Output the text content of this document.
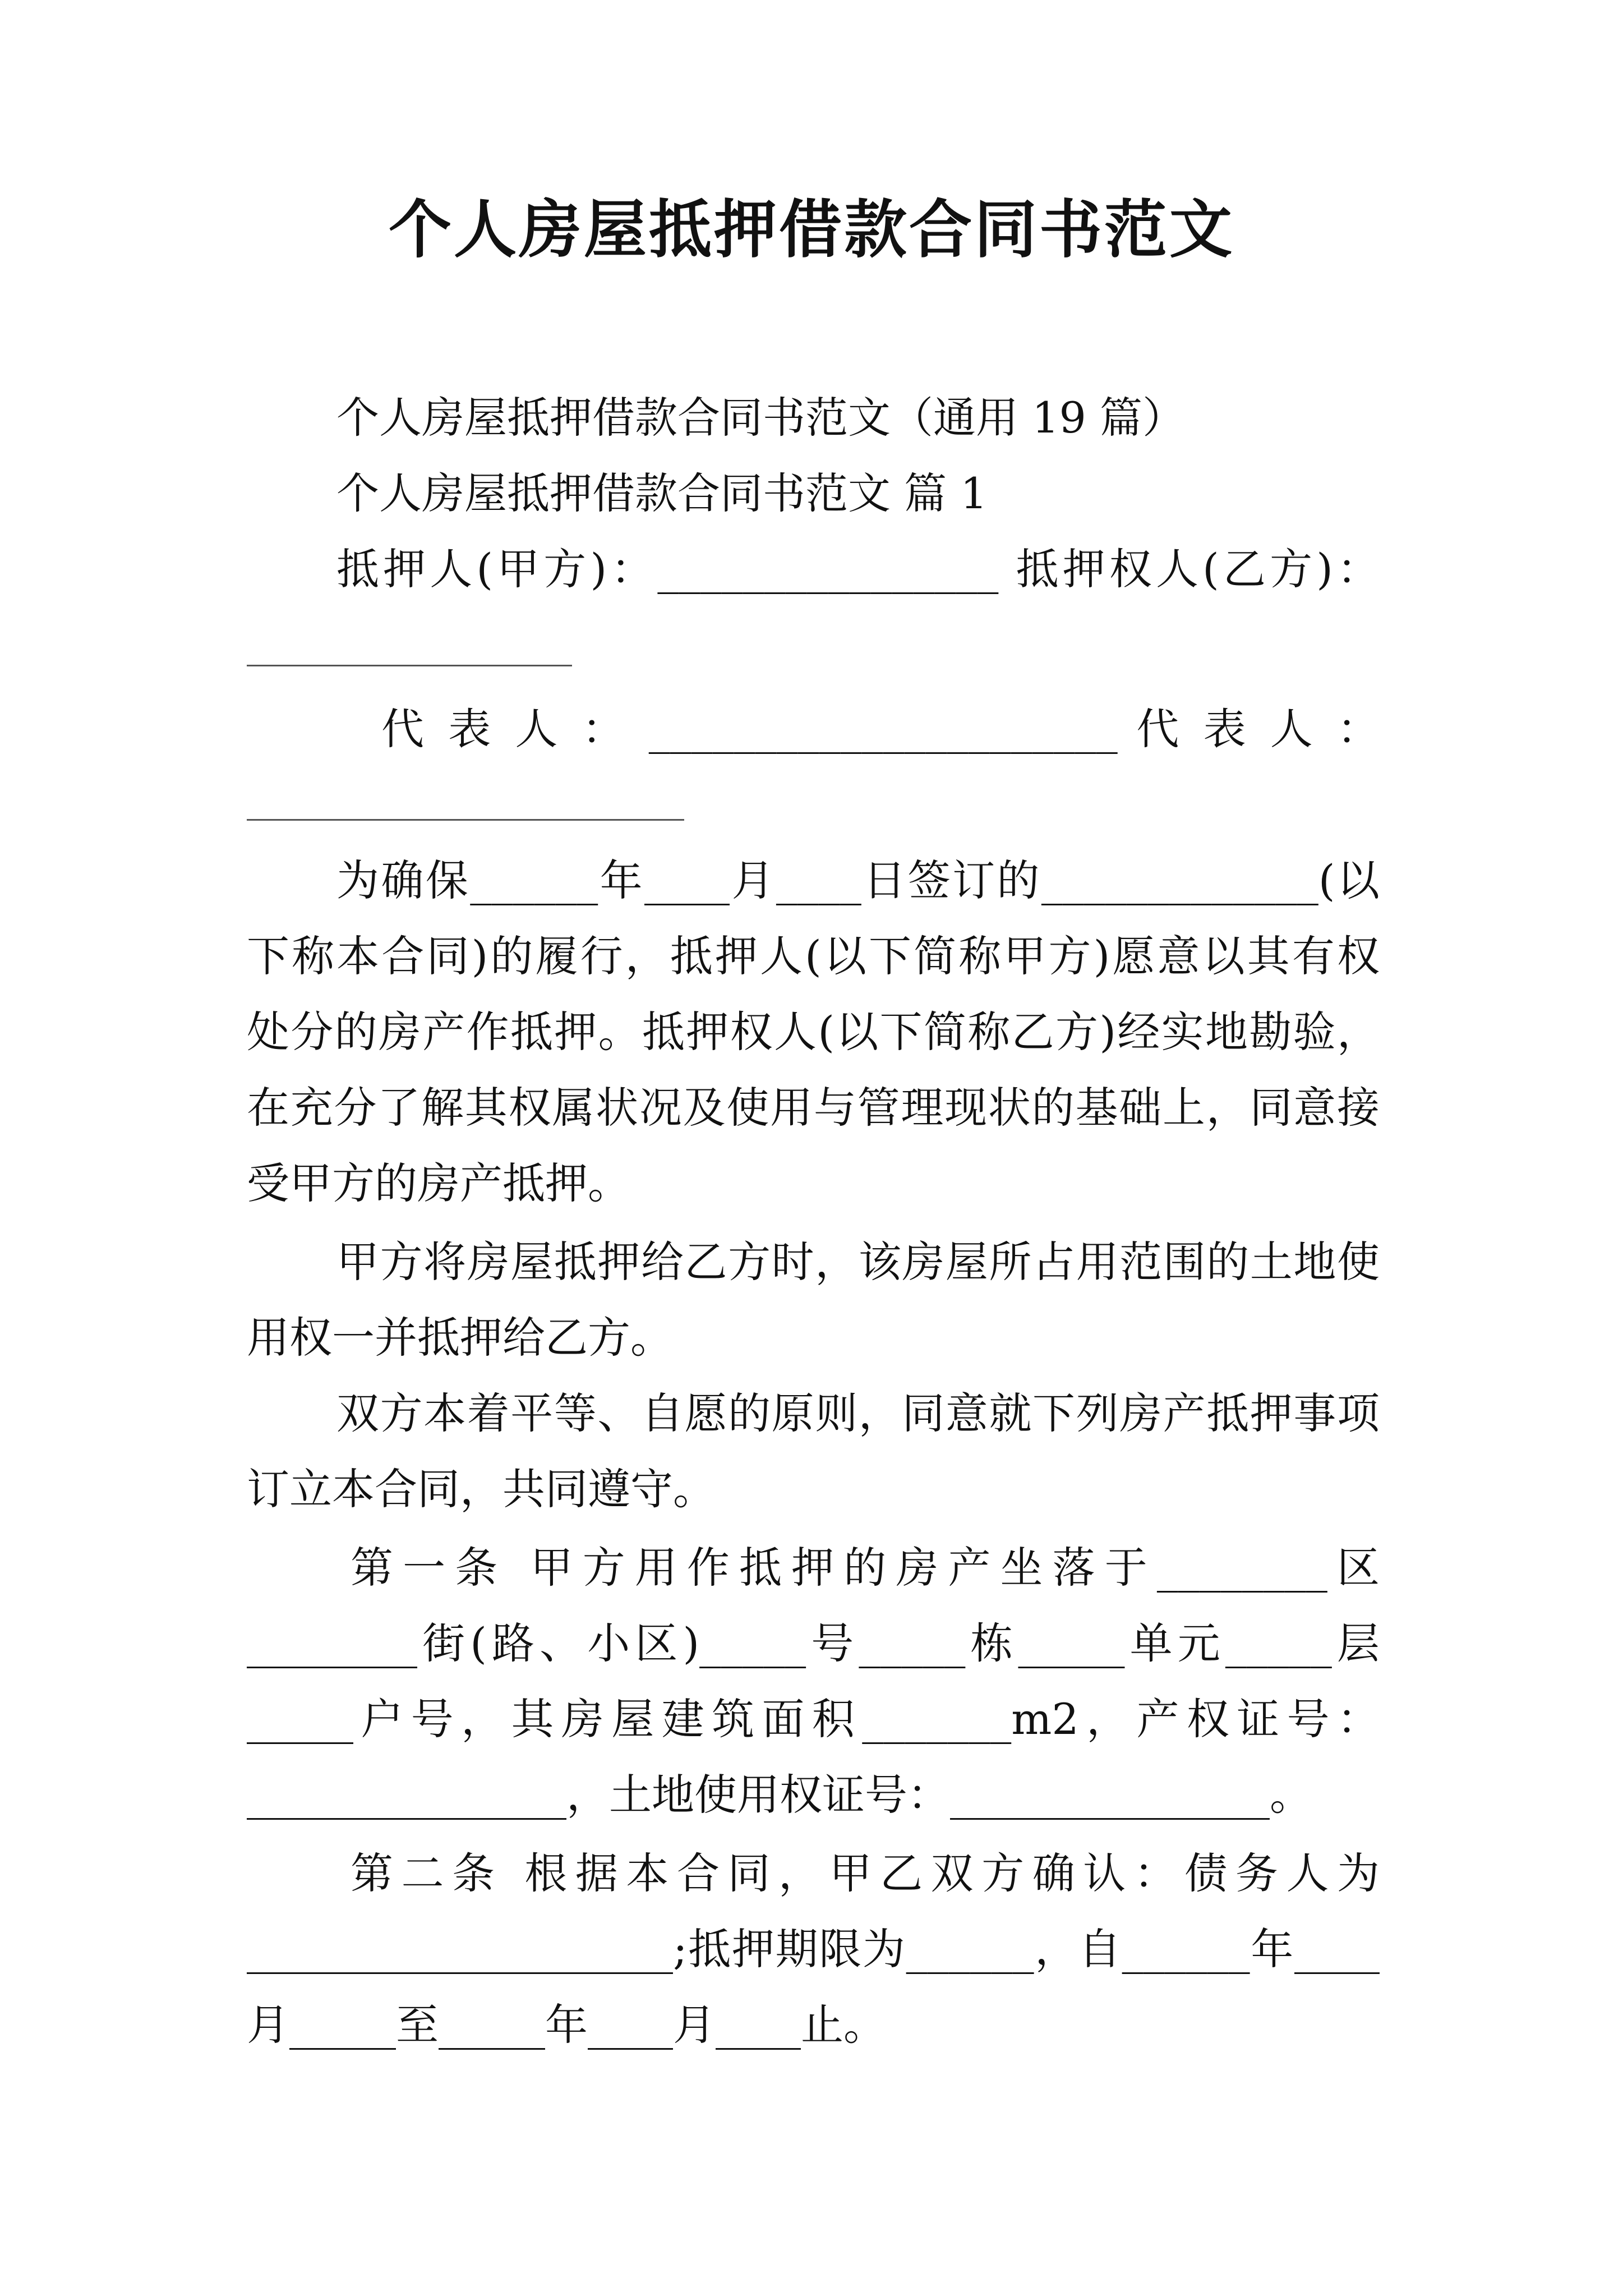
个人房屋抵押借款合同书范文
个人房屋抵押借款合同书范文（通用 19 篇）
个人房屋抵押借款合同书范文 篇 1
抵押人(甲方)：________________ 抵押权人(乙方)：
代 表 人 ： ______________________ 代 表 人 ：
为确保______年____月____日签订的_____________(以
下称本合同)的履行，抵押人(以下简称甲方)愿意以其有权
处分的房产作抵押。抵押权人(以下简称乙方)经实地勘验，
在充分了解其权属状况及使用与管理现状的基础上，同意接
受甲方的房产抵押。
甲方将房屋抵押给乙方时，该房屋所占用范围的土地使
用权一并抵押给乙方。
双方本着平等、自愿的原则，同意就下列房产抵押事项
订立本合同，共同遵守。
第一条 甲方用作抵押的房产坐落于________区
________街(路、小区)_____号_____栋_____单元_____层
_____户号，其房屋建筑面积_______m2，产权证号：
_______________，土地使用权证号：_______________。
第二条 根据本合同，甲乙双方确认：债务人为
____________________;抵押期限为______，自______年____
月_____至_____年____月____止。
